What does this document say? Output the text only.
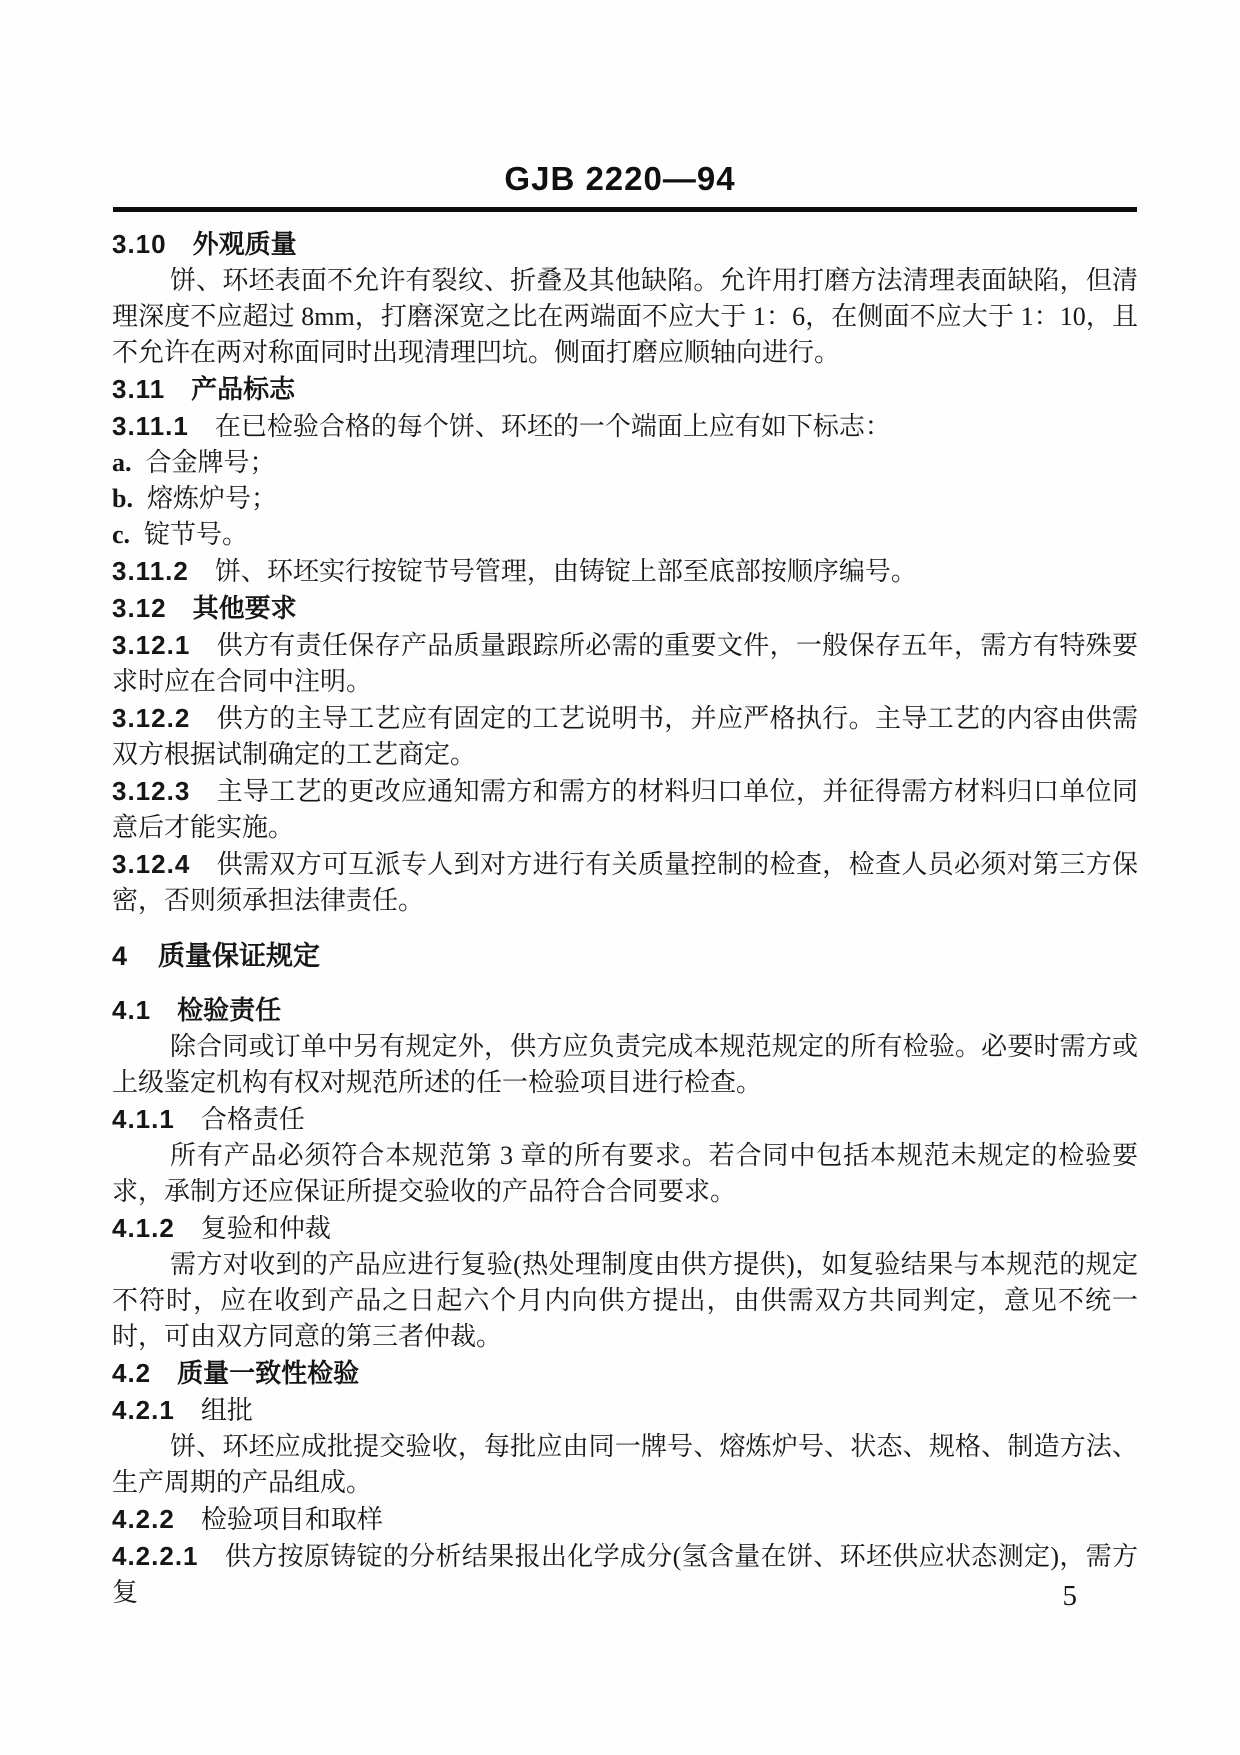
GJB 2220—94
3.10 外观质量

饼、环坯表面不允许有裂纹、折叠及其他缺陷。允许用打磨方法清理表面缺陷，但清理深度不应超过 8mm，打磨深宽之比在两端面不应大于 1：6，在侧面不应大于 1：10，且不允许在两对称面同时出现清理凹坑。侧面打磨应顺轴向进行。

3.11 产品标志

3.11.1 在已检验合格的每个饼、环坯的一个端面上应有如下标志：

a. 合金牌号；

b. 熔炼炉号；

c. 锭节号。

3.11.2 饼、环坯实行按锭节号管理，由铸锭上部至底部按顺序编号。

3.12 其他要求

3.12.1 供方有责任保存产品质量跟踪所必需的重要文件，一般保存五年，需方有特殊要求时应在合同中注明。

3.12.2 供方的主导工艺应有固定的工艺说明书，并应严格执行。主导工艺的内容由供需双方根据试制确定的工艺商定。

3.12.3 主导工艺的更改应通知需方和需方的材料归口单位，并征得需方材料归口单位同意后才能实施。

3.12.4 供需双方可互派专人到对方进行有关质量控制的检查，检查人员必须对第三方保密，否则须承担法律责任。

4 质量保证规定
4.1 检验责任

除合同或订单中另有规定外，供方应负责完成本规范规定的所有检验。必要时需方或上级鉴定机构有权对规范所述的任一检验项目进行检查。

4.1.1 合格责任

所有产品必须符合本规范第 3 章的所有要求。若合同中包括本规范未规定的检验要求，承制方还应保证所提交验收的产品符合合同要求。

4.1.2 复验和仲裁

需方对收到的产品应进行复验(热处理制度由供方提供)，如复验结果与本规范的规定不符时，应在收到产品之日起六个月内向供方提出，由供需双方共同判定，意见不统一时，可由双方同意的第三者仲裁。

4.2 质量一致性检验

4.2.1 组批

饼、环坯应成批提交验收，每批应由同一牌号、熔炼炉号、状态、规格、制造方法、生产周期的产品组成。

4.2.2 检验项目和取样

4.2.2.1 供方按原铸锭的分析结果报出化学成分(氢含量在饼、环坯供应状态测定)，需方复	5
